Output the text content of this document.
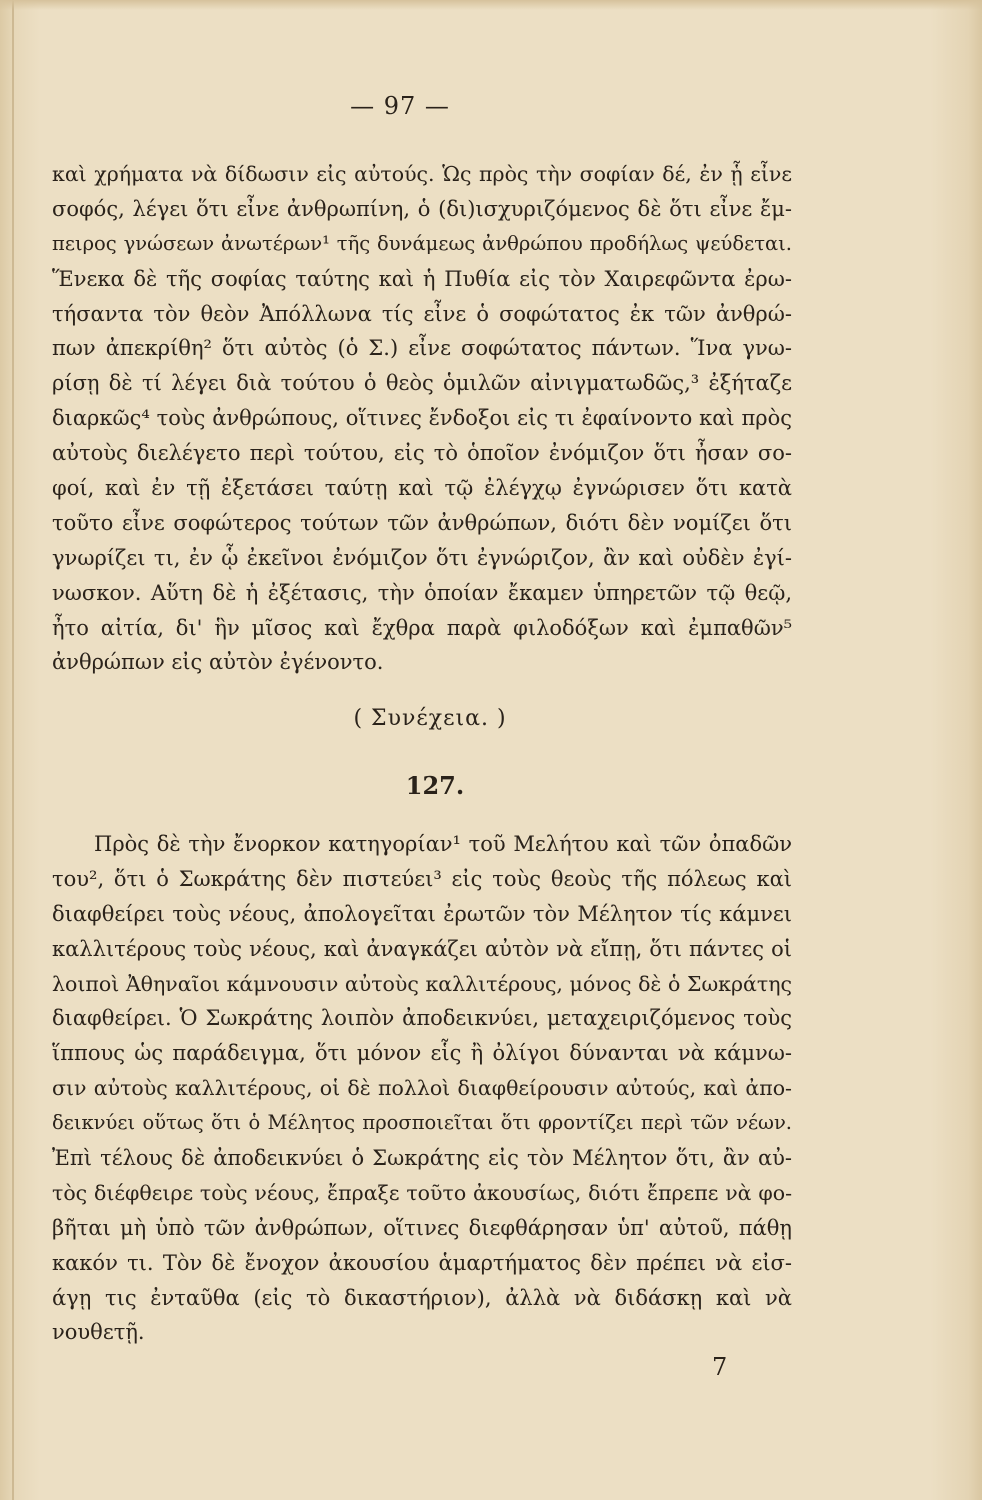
— 97 —
καὶ χρήματα νὰ δίδωσιν εἰς αὐτούς. Ὡς πρὸς τὴν σοφίαν δέ, ἐν ᾗ εἶνε
σοφός, λέγει ὅτι εἶνε ἀνθρωπίνη, ὁ (δι)ισχυριζόμενος δὲ ὅτι εἶνε ἔμ-
πειρος γνώσεων ἀνωτέρων¹ τῆς δυνάμεως ἀνθρώπου προδήλως ψεύδεται.
Ἕνεκα δὲ τῆς σοφίας ταύτης καὶ ἡ Πυθία εἰς τὸν Χαιρεφῶντα ἐρω-
τήσαντα τὸν θεὸν Ἀπόλλωνα τίς εἶνε ὁ σοφώτατος ἐκ τῶν ἀνθρώ-
πων ἀπεκρίθη² ὅτι αὐτὸς (ὁ Σ.) εἶνε σοφώτατος πάντων. Ἵνα γνω-
ρίσῃ δὲ τί λέγει διὰ τούτου ὁ θεὸς ὁμιλῶν αἰνιγματωδῶς,³ ἐξήταζε
διαρκῶς⁴ τοὺς ἀνθρώπους, οἵτινες ἔνδοξοι εἰς τι ἐφαίνοντο καὶ πρὸς
αὐτοὺς διελέγετο περὶ τούτου, εἰς τὸ ὁποῖον ἐνόμιζον ὅτι ἦσαν σο-
φοί, καὶ ἐν τῇ ἐξετάσει ταύτῃ καὶ τῷ ἐλέγχῳ ἐγνώρισεν ὅτι κατὰ
τοῦτο εἶνε σοφώτερος τούτων τῶν ἀνθρώπων, διότι δὲν νομίζει ὅτι
γνωρίζει τι, ἐν ᾧ ἐκεῖνοι ἐνόμιζον ὅτι ἐγνώριζον, ἂν καὶ οὐδὲν ἐγί-
νωσκον. Αὕτη δὲ ἡ ἐξέτασις, τὴν ὁποίαν ἔκαμεν ὑπηρετῶν τῷ θεῷ,
ἦτο αἰτία, δι' ἣν μῖσος καὶ ἔχθρα παρὰ φιλοδόξων καὶ ἐμπαθῶν⁵
ἀνθρώπων εἰς αὐτὸν ἐγένοντο.
( Συνέχεια. )
127.
Πρὸς δὲ τὴν ἔνορκον κατηγορίαν¹ τοῦ Μελήτου καὶ τῶν ὀπαδῶν
του², ὅτι ὁ Σωκράτης δὲν πιστεύει³ εἰς τοὺς θεοὺς τῆς πόλεως καὶ
διαφθείρει τοὺς νέους, ἀπολογεῖται ἐρωτῶν τὸν Μέλητον τίς κάμνει
καλλιτέρους τοὺς νέους, καὶ ἀναγκάζει αὐτὸν νὰ εἴπῃ, ὅτι πάντες οἱ
λοιποὶ Ἀθηναῖοι κάμνουσιν αὐτοὺς καλλιτέρους, μόνος δὲ ὁ Σωκράτης
διαφθείρει. Ὁ Σωκράτης λοιπὸν ἀποδεικνύει, μεταχειριζόμενος τοὺς
ἵππους ὡς παράδειγμα, ὅτι μόνον εἷς ἢ ὀλίγοι δύνανται νὰ κάμνω-
σιν αὐτοὺς καλλιτέρους, οἱ δὲ πολλοὶ διαφθείρουσιν αὐτούς, καὶ ἀπο-
δεικνύει οὕτως ὅτι ὁ Μέλητος προσποιεῖται ὅτι φροντίζει περὶ τῶν νέων.
Ἐπὶ τέλους δὲ ἀποδεικνύει ὁ Σωκράτης εἰς τὸν Μέλητον ὅτι, ἂν αὐ-
τὸς διέφθειρε τοὺς νέους, ἔπραξε τοῦτο ἀκουσίως, διότι ἔπρεπε νὰ φο-
βῆται μὴ ὑπὸ τῶν ἀνθρώπων, οἵτινες διεφθάρησαν ὑπ' αὐτοῦ, πάθῃ
κακόν τι. Τὸν δὲ ἔνοχον ἀκουσίου ἁμαρτήματος δὲν πρέπει νὰ εἰσ-
άγῃ τις ἐνταῦθα (εἰς τὸ δικαστήριον), ἀλλὰ νὰ διδάσκῃ καὶ νὰ
νουθετῇ.
7
